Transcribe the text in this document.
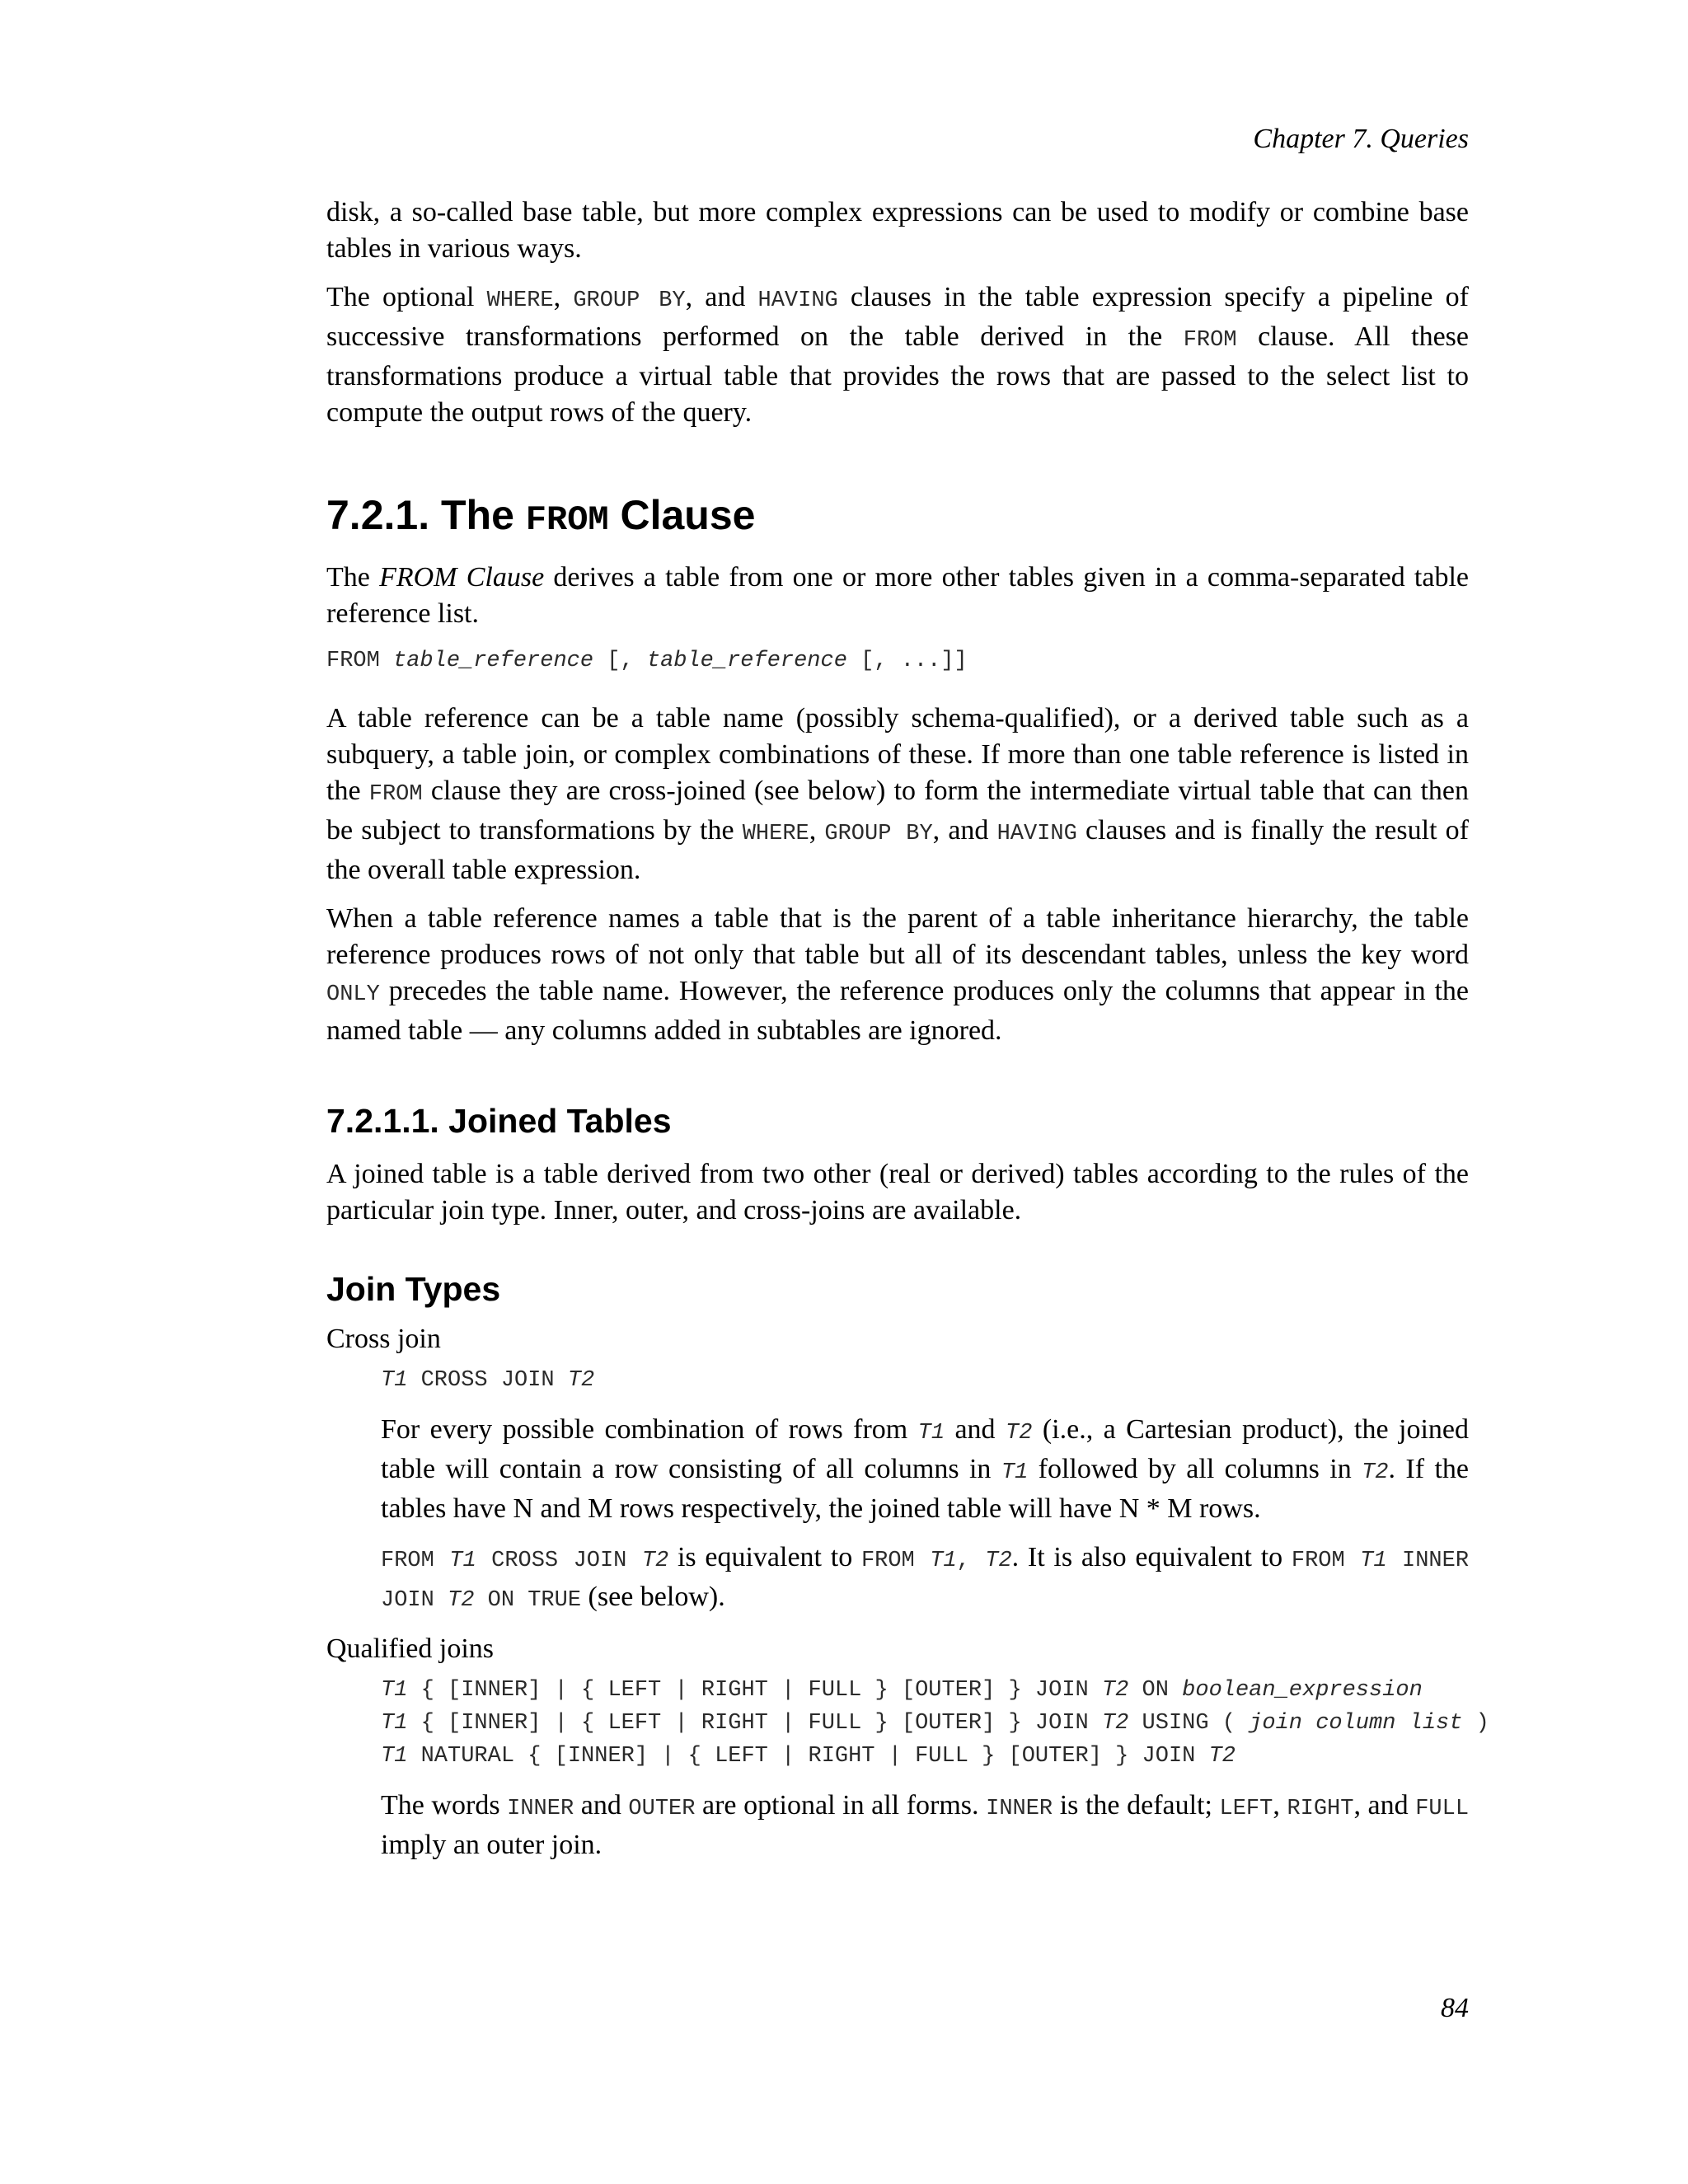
Chapter 7. Queries

disk, a so-called base table, but more complex expressions can be used to modify or combine base tables in various ways.

The optional WHERE, GROUP BY, and HAVING clauses in the table expression specify a pipeline of successive transformations performed on the table derived in the FROM clause. All these transformations produce a virtual table that provides the rows that are passed to the select list to compute the output rows of the query.

7.2.1. The FROM Clause

The FROM Clause derives a table from one or more other tables given in a comma-separated table reference list.

FROM table_reference [, table_reference [, ...]]

A table reference can be a table name (possibly schema-qualified), or a derived table such as a subquery, a table join, or complex combinations of these. If more than one table reference is listed in the FROM clause they are cross-joined (see below) to form the intermediate virtual table that can then be subject to transformations by the WHERE, GROUP BY, and HAVING clauses and is finally the result of the overall table expression.

When a table reference names a table that is the parent of a table inheritance hierarchy, the table reference produces rows of not only that table but all of its descendant tables, unless the key word ONLY precedes the table name. However, the reference produces only the columns that appear in the named table — any columns added in subtables are ignored.

7.2.1.1. Joined Tables

A joined table is a table derived from two other (real or derived) tables according to the rules of the particular join type. Inner, outer, and cross-joins are available.

Join Types
Cross join
T1 CROSS JOIN T2

For every possible combination of rows from T1 and T2 (i.e., a Cartesian product), the joined table will contain a row consisting of all columns in T1 followed by all columns in T2. If the tables have N and M rows respectively, the joined table will have N * M rows.

FROM T1 CROSS JOIN T2 is equivalent to FROM T1, T2. It is also equivalent to FROM T1 INNER JOIN T2 ON TRUE (see below).

Qualified joins
T1 { [INNER] | { LEFT | RIGHT | FULL } [OUTER] } JOIN T2 ON boolean_expression
T1 { [INNER] | { LEFT | RIGHT | FULL } [OUTER] } JOIN T2 USING ( join column list )
T1 NATURAL { [INNER] | { LEFT | RIGHT | FULL } [OUTER] } JOIN T2

The words INNER and OUTER are optional in all forms. INNER is the default; LEFT, RIGHT, and FULL imply an outer join.

84
